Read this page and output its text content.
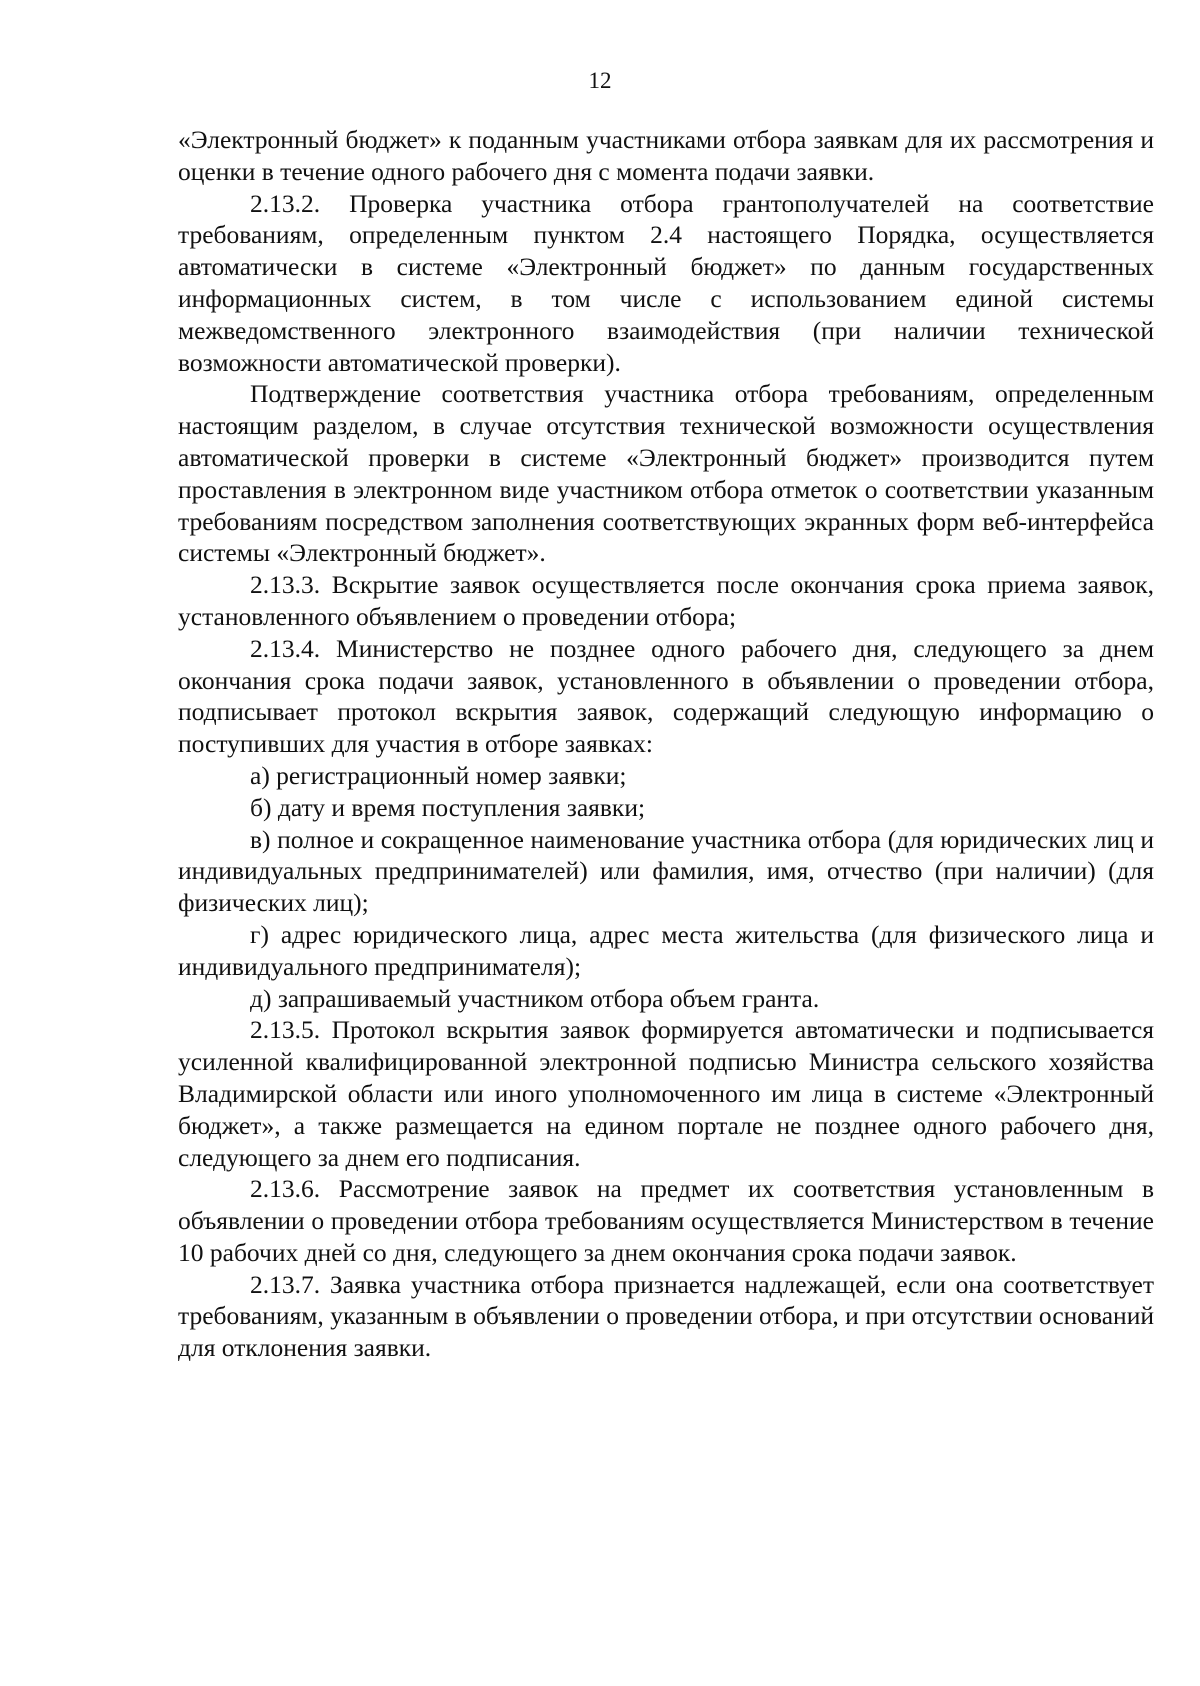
12

«Электронный бюджет» к поданным участниками отбора заявкам для их рассмотрения и оценки в течение одного рабочего дня с момента подачи заявки.

2.13.2. Проверка участника отбора грантополучателей на соответствие требованиям, определенным пунктом 2.4 настоящего Порядка, осуществляется автоматически в системе «Электронный бюджет» по данным государственных информационных систем, в том числе с использованием единой системы межведомственного электронного взаимодействия (при наличии технической возможности автоматической проверки).

Подтверждение соответствия участника отбора требованиям, определенным настоящим разделом, в случае отсутствия технической возможности осуществления автоматической проверки в системе «Электронный бюджет» производится путем проставления в электронном виде участником отбора отметок о соответствии указанным требованиям посредством заполнения соответствующих экранных форм веб-интерфейса системы «Электронный бюджет».

2.13.3. Вскрытие заявок осуществляется после окончания срока приема заявок, установленного объявлением о проведении отбора;

2.13.4. Министерство не позднее одного рабочего дня, следующего за днем окончания срока подачи заявок, установленного в объявлении о проведении отбора, подписывает протокол вскрытия заявок, содержащий следующую информацию о поступивших для участия в отборе заявках:

а) регистрационный номер заявки;

б) дату и время поступления заявки;

в) полное и сокращенное наименование участника отбора (для юридических лиц и индивидуальных предпринимателей) или фамилия, имя, отчество (при наличии) (для физических лиц);

г) адрес юридического лица, адрес места жительства (для физического лица и индивидуального предпринимателя);

д) запрашиваемый участником отбора объем гранта.

2.13.5. Протокол вскрытия заявок формируется автоматически и подписывается усиленной квалифицированной электронной подписью Министра сельского хозяйства Владимирской области или иного уполномоченного им лица в системе «Электронный бюджет», а также размещается на едином портале не позднее одного рабочего дня, следующего за днем его подписания.

2.13.6. Рассмотрение заявок на предмет их соответствия установленным в объявлении о проведении отбора требованиям осуществляется Министерством в течение 10 рабочих дней со дня, следующего за днем окончания срока подачи заявок.

2.13.7. Заявка участника отбора признается надлежащей, если она соответствует требованиям, указанным в объявлении о проведении отбора, и при отсутствии оснований для отклонения заявки.
